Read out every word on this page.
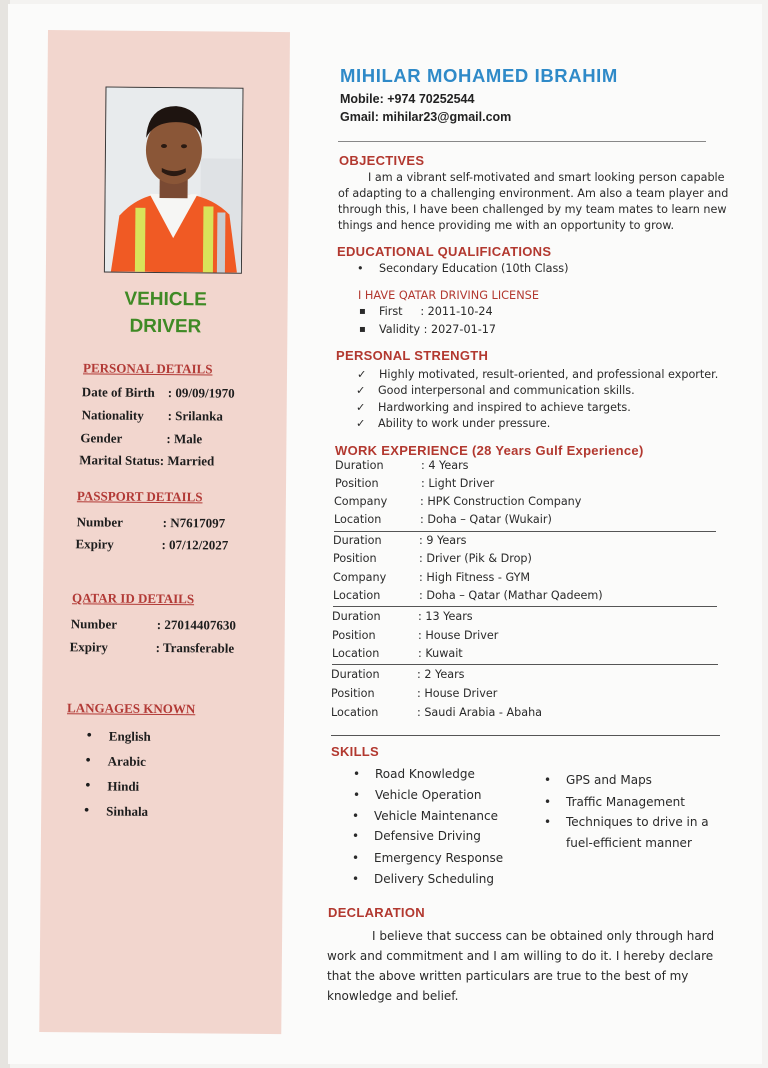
VEHICLE
DRIVER
PERSONAL DETAILS
Date of Birth : 09/09/1970
Nationality : Srilanka
Gender	: Male
Marital Status: Married
PASSPORT DETAILS
Number	: N7617097
Expiry	: 07/12/2027
QATAR ID DETAILS
Number	: 27014407630
Expiry	: Transferable
LANGAGES KNOWN
• English
• Arabic
• Hindi
• Sinhala
MIHILAR MOHAMED IBRAHIM
Mobile: +974 70252544
Gmail: mihilar23@gmail.com
OBJECTIVES
I am a vibrant self-motivated and smart looking person capable
of adapting to a challenging environment. Am also a team player and
through this, I have been challenged by my team mates to learn new
things and hence providing me with an opportunity to grow.
EDUCATIONAL QUALIFICATIONS
• Secondary Education (10th Class)
I HAVE QATAR DRIVING LICENSE
▪ First     : 2011-10-24
▪ Validity : 2027-01-17
PERSONAL STRENGTH
✓ Highly motivated, result-oriented, and professional exporter.
✓ Good interpersonal and communication skills.
✓ Hardworking and inspired to achieve targets.
✓ Ability to work under pressure.
WORK EXPERIENCE (28 Years Gulf Experience)
Duration	: 4 Years
Position	: Light Driver
Company	: HPK Construction Company
Location	: Doha – Qatar (Wukair)
Duration	: 9 Years
Position	: Driver (Pik & Drop)
Company	: High Fitness - GYM
Location	: Doha – Qatar (Mathar Qadeem)
Duration	: 13 Years
Position	: House Driver
Location	: Kuwait
Duration	: 2 Years
Position	: House Driver
Location	: Saudi Arabia - Abaha
SKILLS
• Road Knowledge
• Vehicle Operation
• Vehicle Maintenance
• Defensive Driving
• Emergency Response
• Delivery Scheduling
• GPS and Maps
• Traffic Management
• Techniques to drive in a
fuel-efficient manner
DECLARATION
I believe that success can be obtained only through hard
work and commitment and I am willing to do it. I hereby declare
that the above written particulars are true to the best of my
knowledge and belief.
